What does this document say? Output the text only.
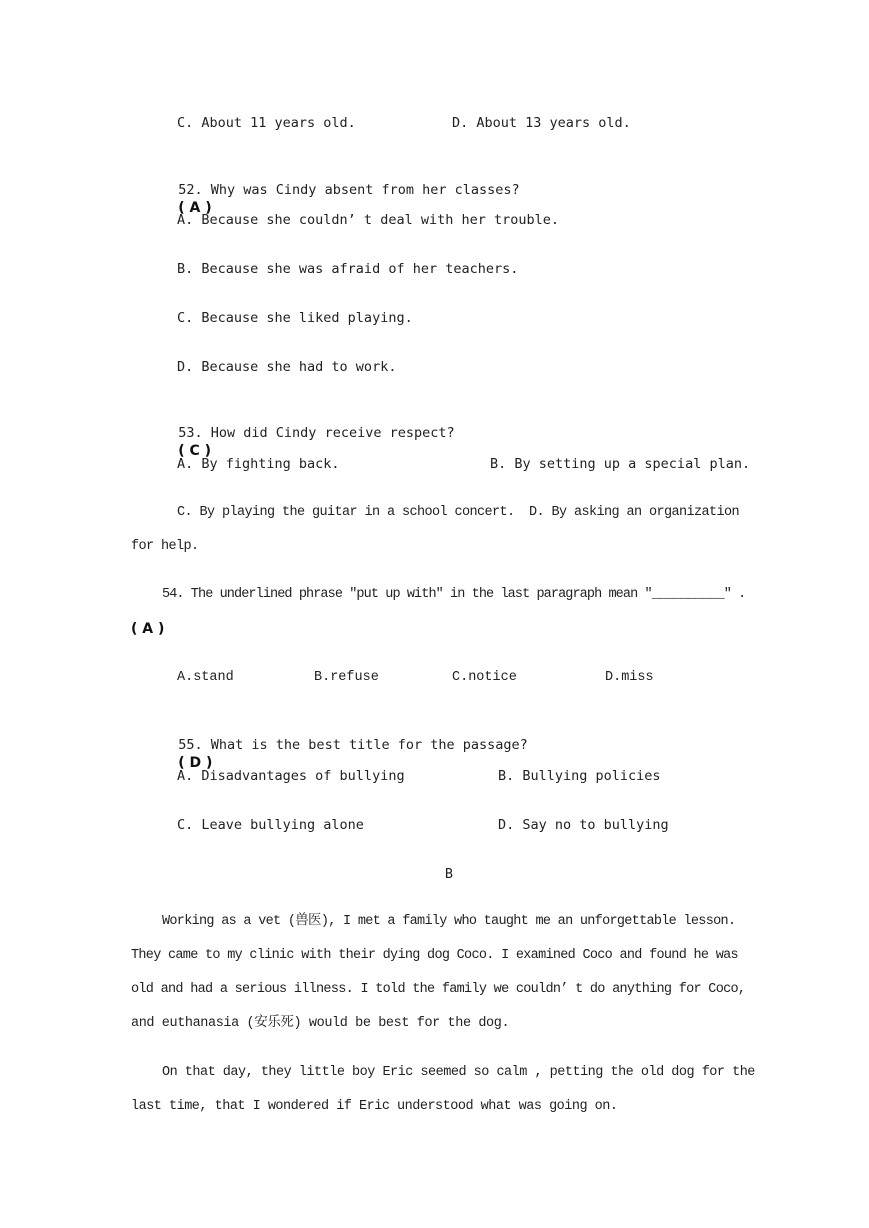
C. About 11 years old.	D. About 13 years old.

52. Why was Cindy absent from her classes?
( A )

A. Because she couldn’ t deal with her trouble.
B. Because she was afraid of her teachers.
C. Because she liked playing.
D. Because she had to work.

53. How did Cindy receive respect?
( C )

A. By fighting back.	B. By setting up a special plan.
C. By playing the guitar in a school concert. D. By asking an organization
for help.
54. The underlined phrase "put up with" in the last paragraph mean "__________" .
( A )
A.stand	B.refuse	C.notice	D.miss

55. What is the best title for the passage?
( D )

A. Disadvantages of bullying	B. Bullying policies
C. Leave bullying alone	D. Say no to bullying
B
Working as a vet (兽医), I met a family who taught me an unforgettable lesson.
They came to my clinic with their dying dog Coco. I examined Coco and found he was
old and had a serious illness. I told the family we couldn’ t do anything for Coco,
and euthanasia (安乐死) would be best for the dog.
On that day, they little boy Eric seemed so calm , petting the old dog for the
last time, that I wondered if Eric understood what was going on.
